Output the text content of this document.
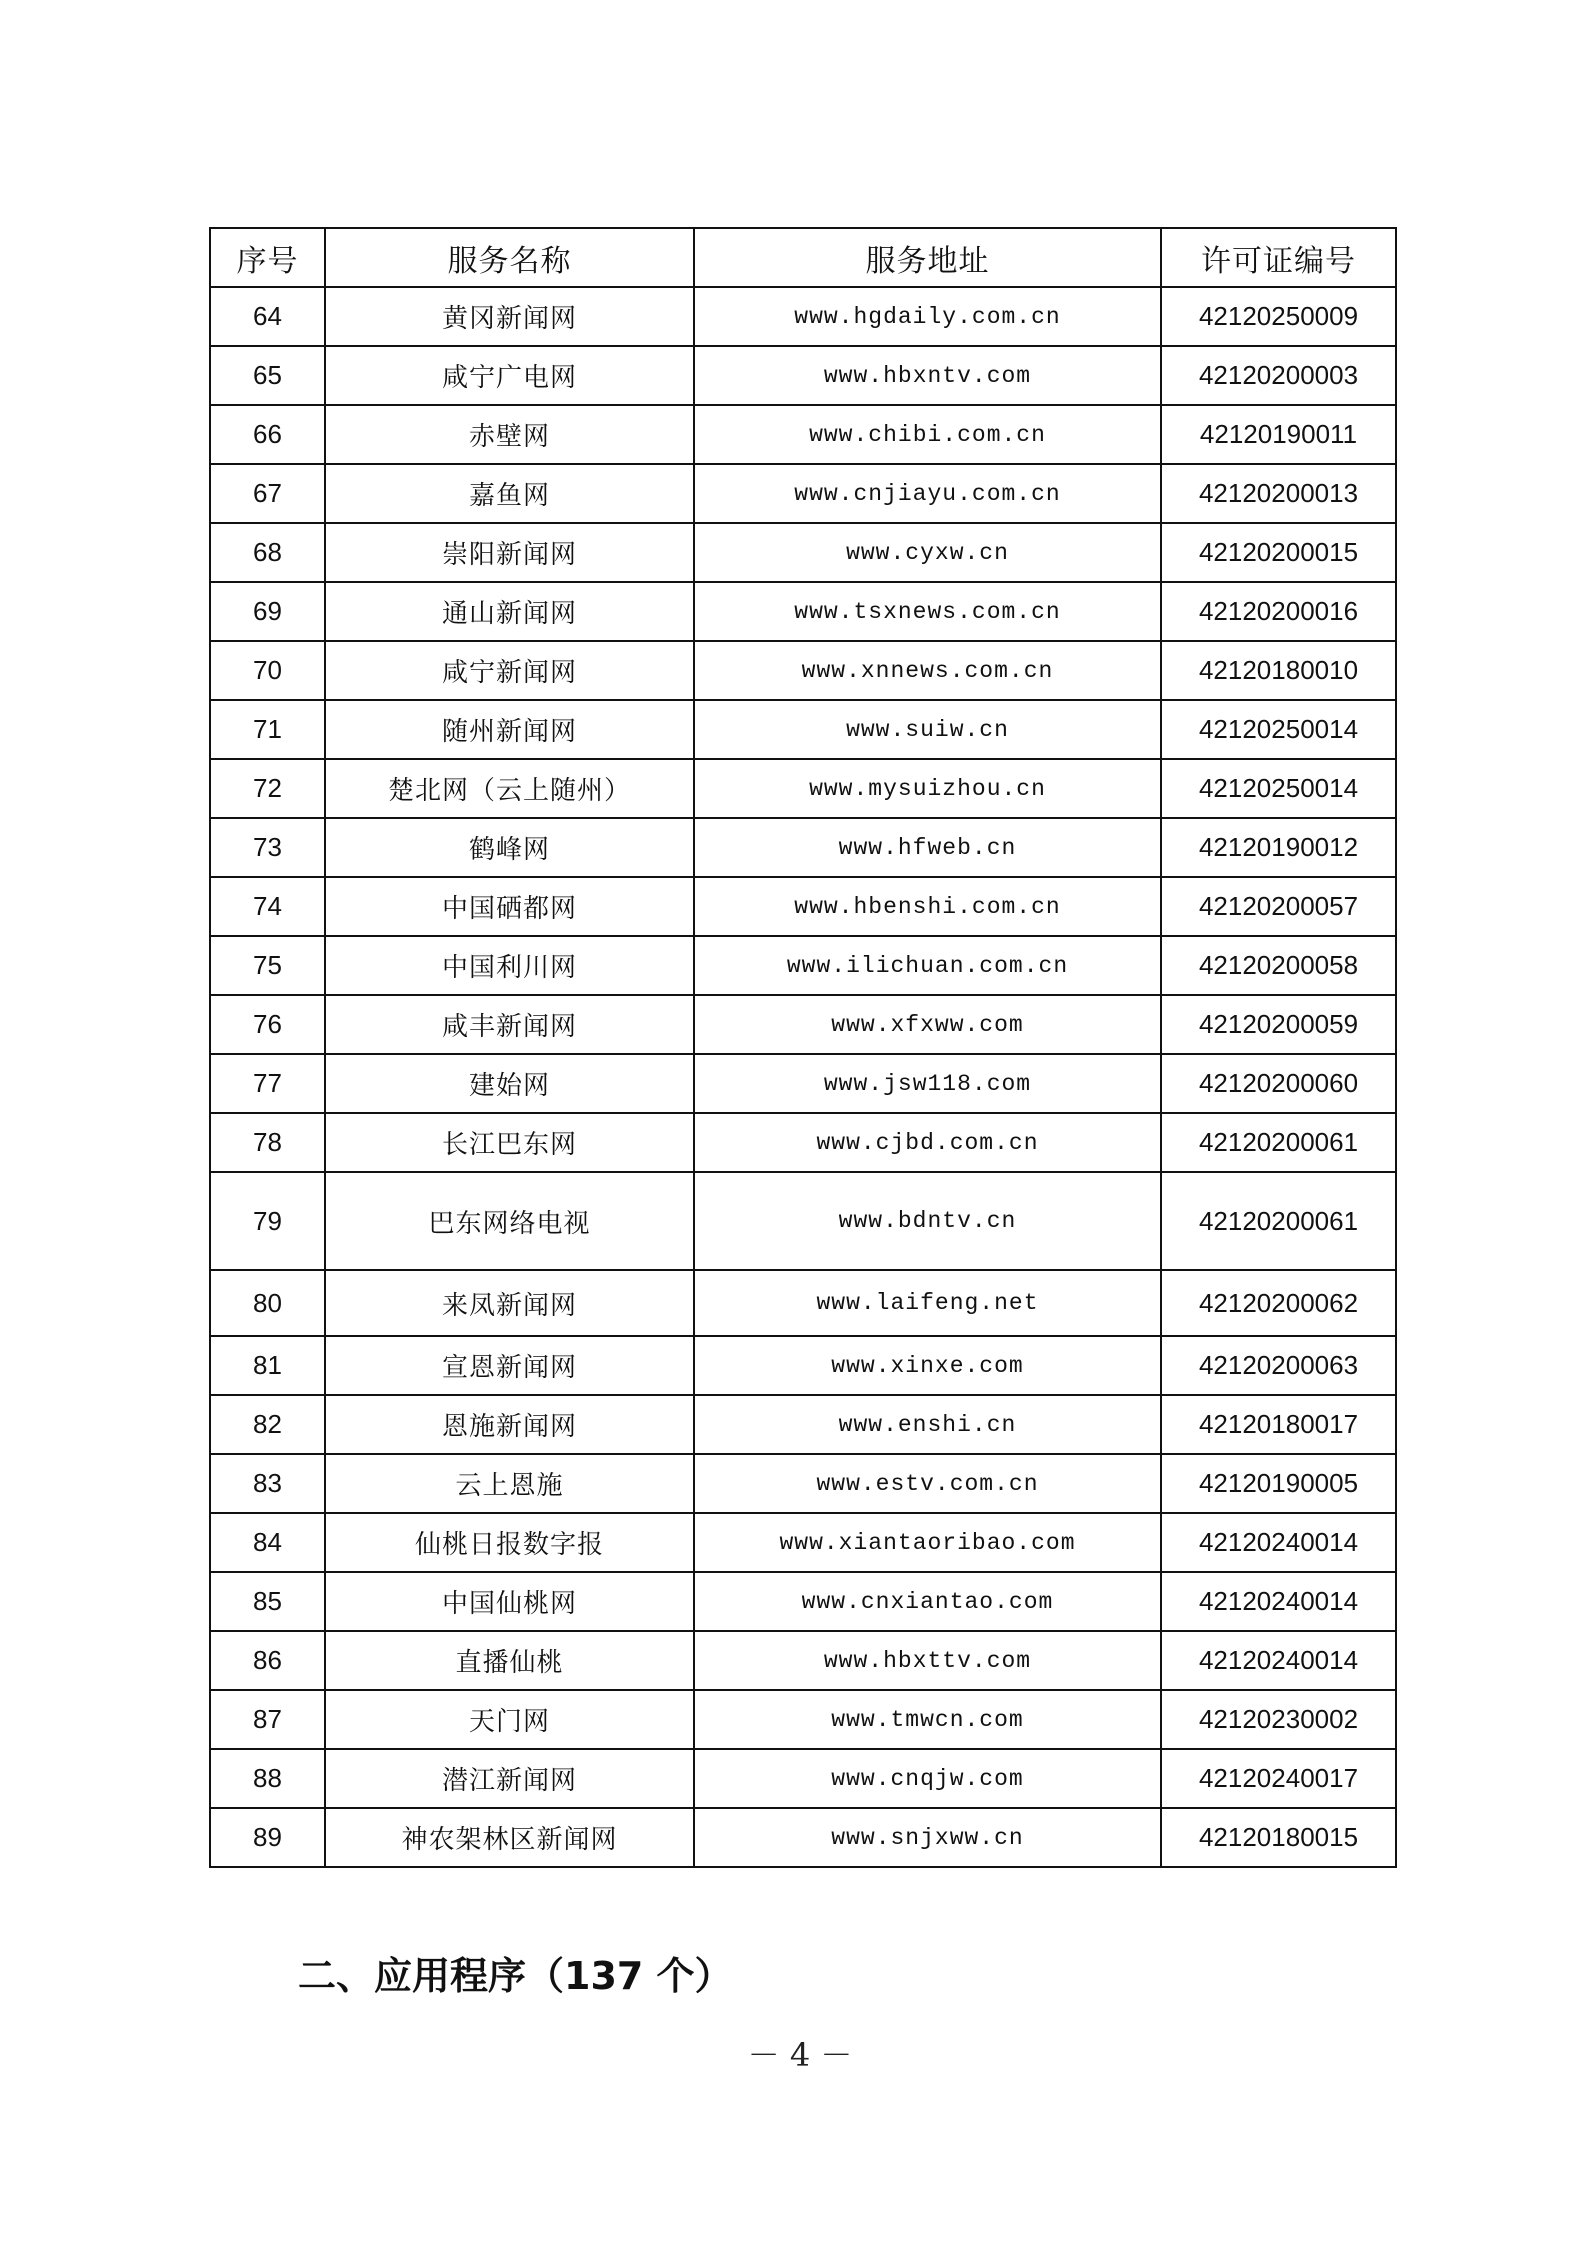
序号	服务名称	服务地址	许可证编号
64	黄冈新闻网	www.hgdaily.com.cn	42120250009
65	咸宁广电网	www.hbxntv.com	42120200003
66	赤壁网	www.chibi.com.cn	42120190011
67	嘉鱼网	www.cnjiayu.com.cn	42120200013
68	崇阳新闻网	www.cyxw.cn	42120200015
69	通山新闻网	www.tsxnews.com.cn	42120200016
70	咸宁新闻网	www.xnnews.com.cn	42120180010
71	随州新闻网	www.suiw.cn	42120250014
72	楚北网（云上随州）	www.mysuizhou.cn	42120250014
73	鹤峰网	www.hfweb.cn	42120190012
74	中国硒都网	www.hbenshi.com.cn	42120200057
75	中国利川网	www.ilichuan.com.cn	42120200058
76	咸丰新闻网	www.xfxww.com	42120200059
77	建始网	www.jsw118.com	42120200060
78	长江巴东网	www.cjbd.com.cn	42120200061
79	巴东网络电视	www.bdntv.cn	42120200061
80	来凤新闻网	www.laifeng.net	42120200062
81	宣恩新闻网	www.xinxe.com	42120200063
82	恩施新闻网	www.enshi.cn	42120180017
83	云上恩施	www.estv.com.cn	42120190005
84	仙桃日报数字报	www.xiantaoribao.com	42120240014
85	中国仙桃网	www.cnxiantao.com	42120240014
86	直播仙桃	www.hbxttv.com	42120240014
87	天门网	www.tmwcn.com	42120230002
88	潜江新闻网	www.cnqjw.com	42120240017
89	神农架林区新闻网	www.snjxww.cn	42120180015
二、应用程序（137 个）
－ 4 －
